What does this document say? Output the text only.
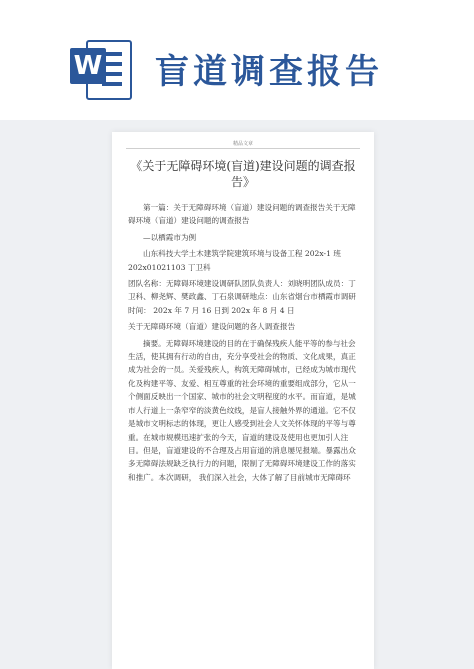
W 盲道调查报告
精品文章
《关于无障碍环境(盲道)建设问题的调查报告》

第一篇：关于无障碍环境（盲道）建设问题的调查报告关于无障碍环境（盲道）建设问题的调查报告

—以栖霞市为例

山东科技大学土木建筑学院建筑环境与设备工程 202x-1 班202x01021103 丁卫科

团队名称：无障碍环境建设调研队团队负责人：刘晓明团队成员：丁卫科、柳尧辉、樊政鑫、丁石泉调研地点：山东省烟台市栖霞市调研时间： 202x 年 7 月 16 日到 202x 年 8 月 4 日

关于无障碍环境（盲道）建设问题的各人调查报告

摘要。无障碍环境建设的目的在于确保残疾人能平等的参与社会生活，使其拥有行动的自由，充分享受社会的物质、文化成果，真正成为社会的一员。关爱残疾人，构筑无障碍城市，已经成为城市现代化及构建平等、友爱、相互尊重的社会环境的重要组成部分，它从一个侧面反映出一个国家、城市的社会文明程度的水平。而盲道，是城市人行道上一条窄窄的淡黄色纹线，是盲人接触外界的通道。它不仅是城市文明标志的体现，更让人感受到社会人文关怀体现的平等与尊重。在城市规模迅速扩张的今天，盲道的建设及使用也更加引人注目。但是，盲道建设的不合理及占用盲道的消息屡见报端。暴露出众多无障碍法规缺乏执行力的问题，限制了无障碍环境建设工作的落实和推广。本次调研， 我们深入社会，大体了解了目前城市无障碍环
